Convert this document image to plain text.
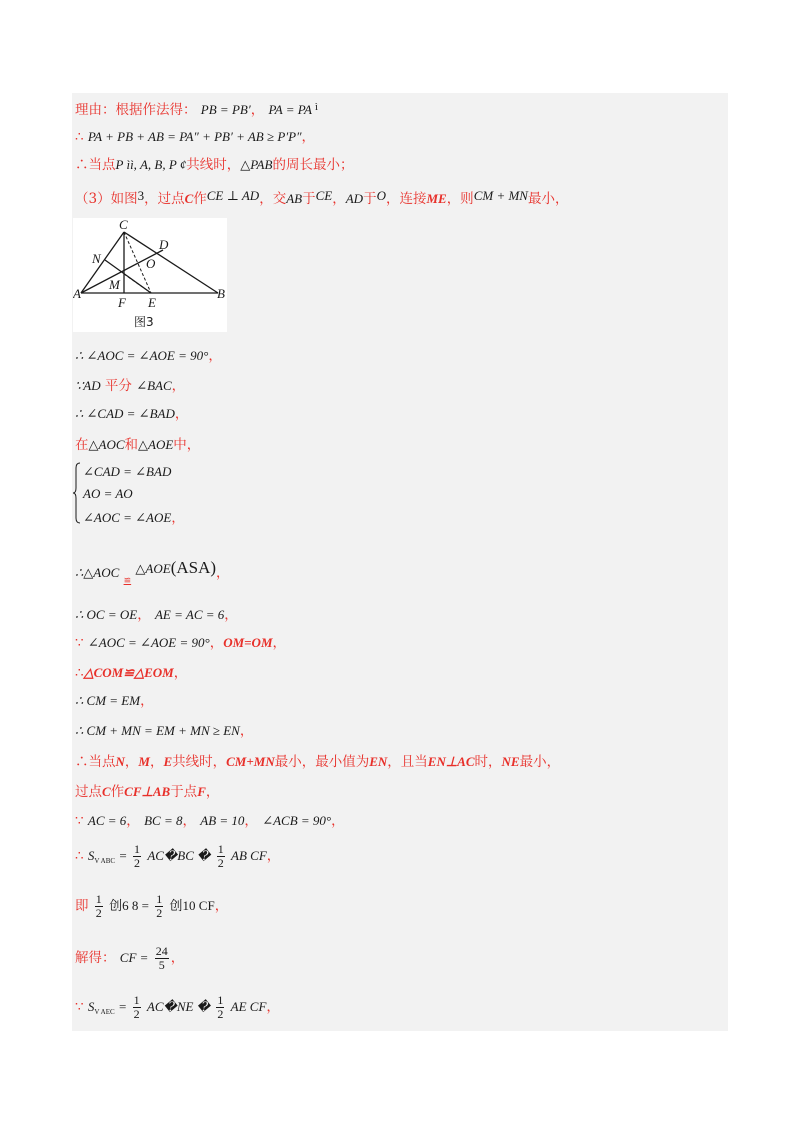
理由：根据作法得： PB = PB′， PA = PA $^ì$
∴ PA + PB + AB = PA″ + PB′ + AB ≥ P′P″，
∴当点P ìì, A, B, P ¢共线时，△PAB的周长最小；
（3）如图3，过点C作CE ⊥ AD，交AB于CE，AD于O，连接ME，则CM + MN最小，
C
D
N	O
A
M
F E
B
图3
∴ ∠AOC = ∠AOE = 90°，
∵AD 平分 ∠BAC，
∴ ∠CAD = ∠BAD，
在△AOC和△AOE中，
∠CAD = ∠BAD
AO = AO
∠AOC = ∠AOE，
∴△AOC $_≌$ △AOE(ASA)，
∴ OC = OE， AE = AC = 6，
∵ ∠AOC = ∠AOE = 90°，OM=OM，
∴△COM≌△EOM，
∴ CM = EM，
∴ CM + MN = EM + MN ≥ EN，
∴当点N，M，E共线时，CM+MN最小，最小值为EN，且当EN⊥AC时，NE最小，
过点C作CF⊥AB于点F，
∵ AC = 6， BC = 8， AB = 10， ∠ACB = 90°，
∴ $S_{V ABC} = \frac{1}{2}$ AC�BC � $\frac{1}{2}$ AB CF，
即 $\frac{1}{2}$ 创6 $8 = \frac{1}{2}$ 创10 CF，
解得： CF = $\frac{24}{5}$ ，
∵ $S_{V AEC} = \frac{1}{2}$ AC�NE � $\frac{1}{2}$ AE CF，
